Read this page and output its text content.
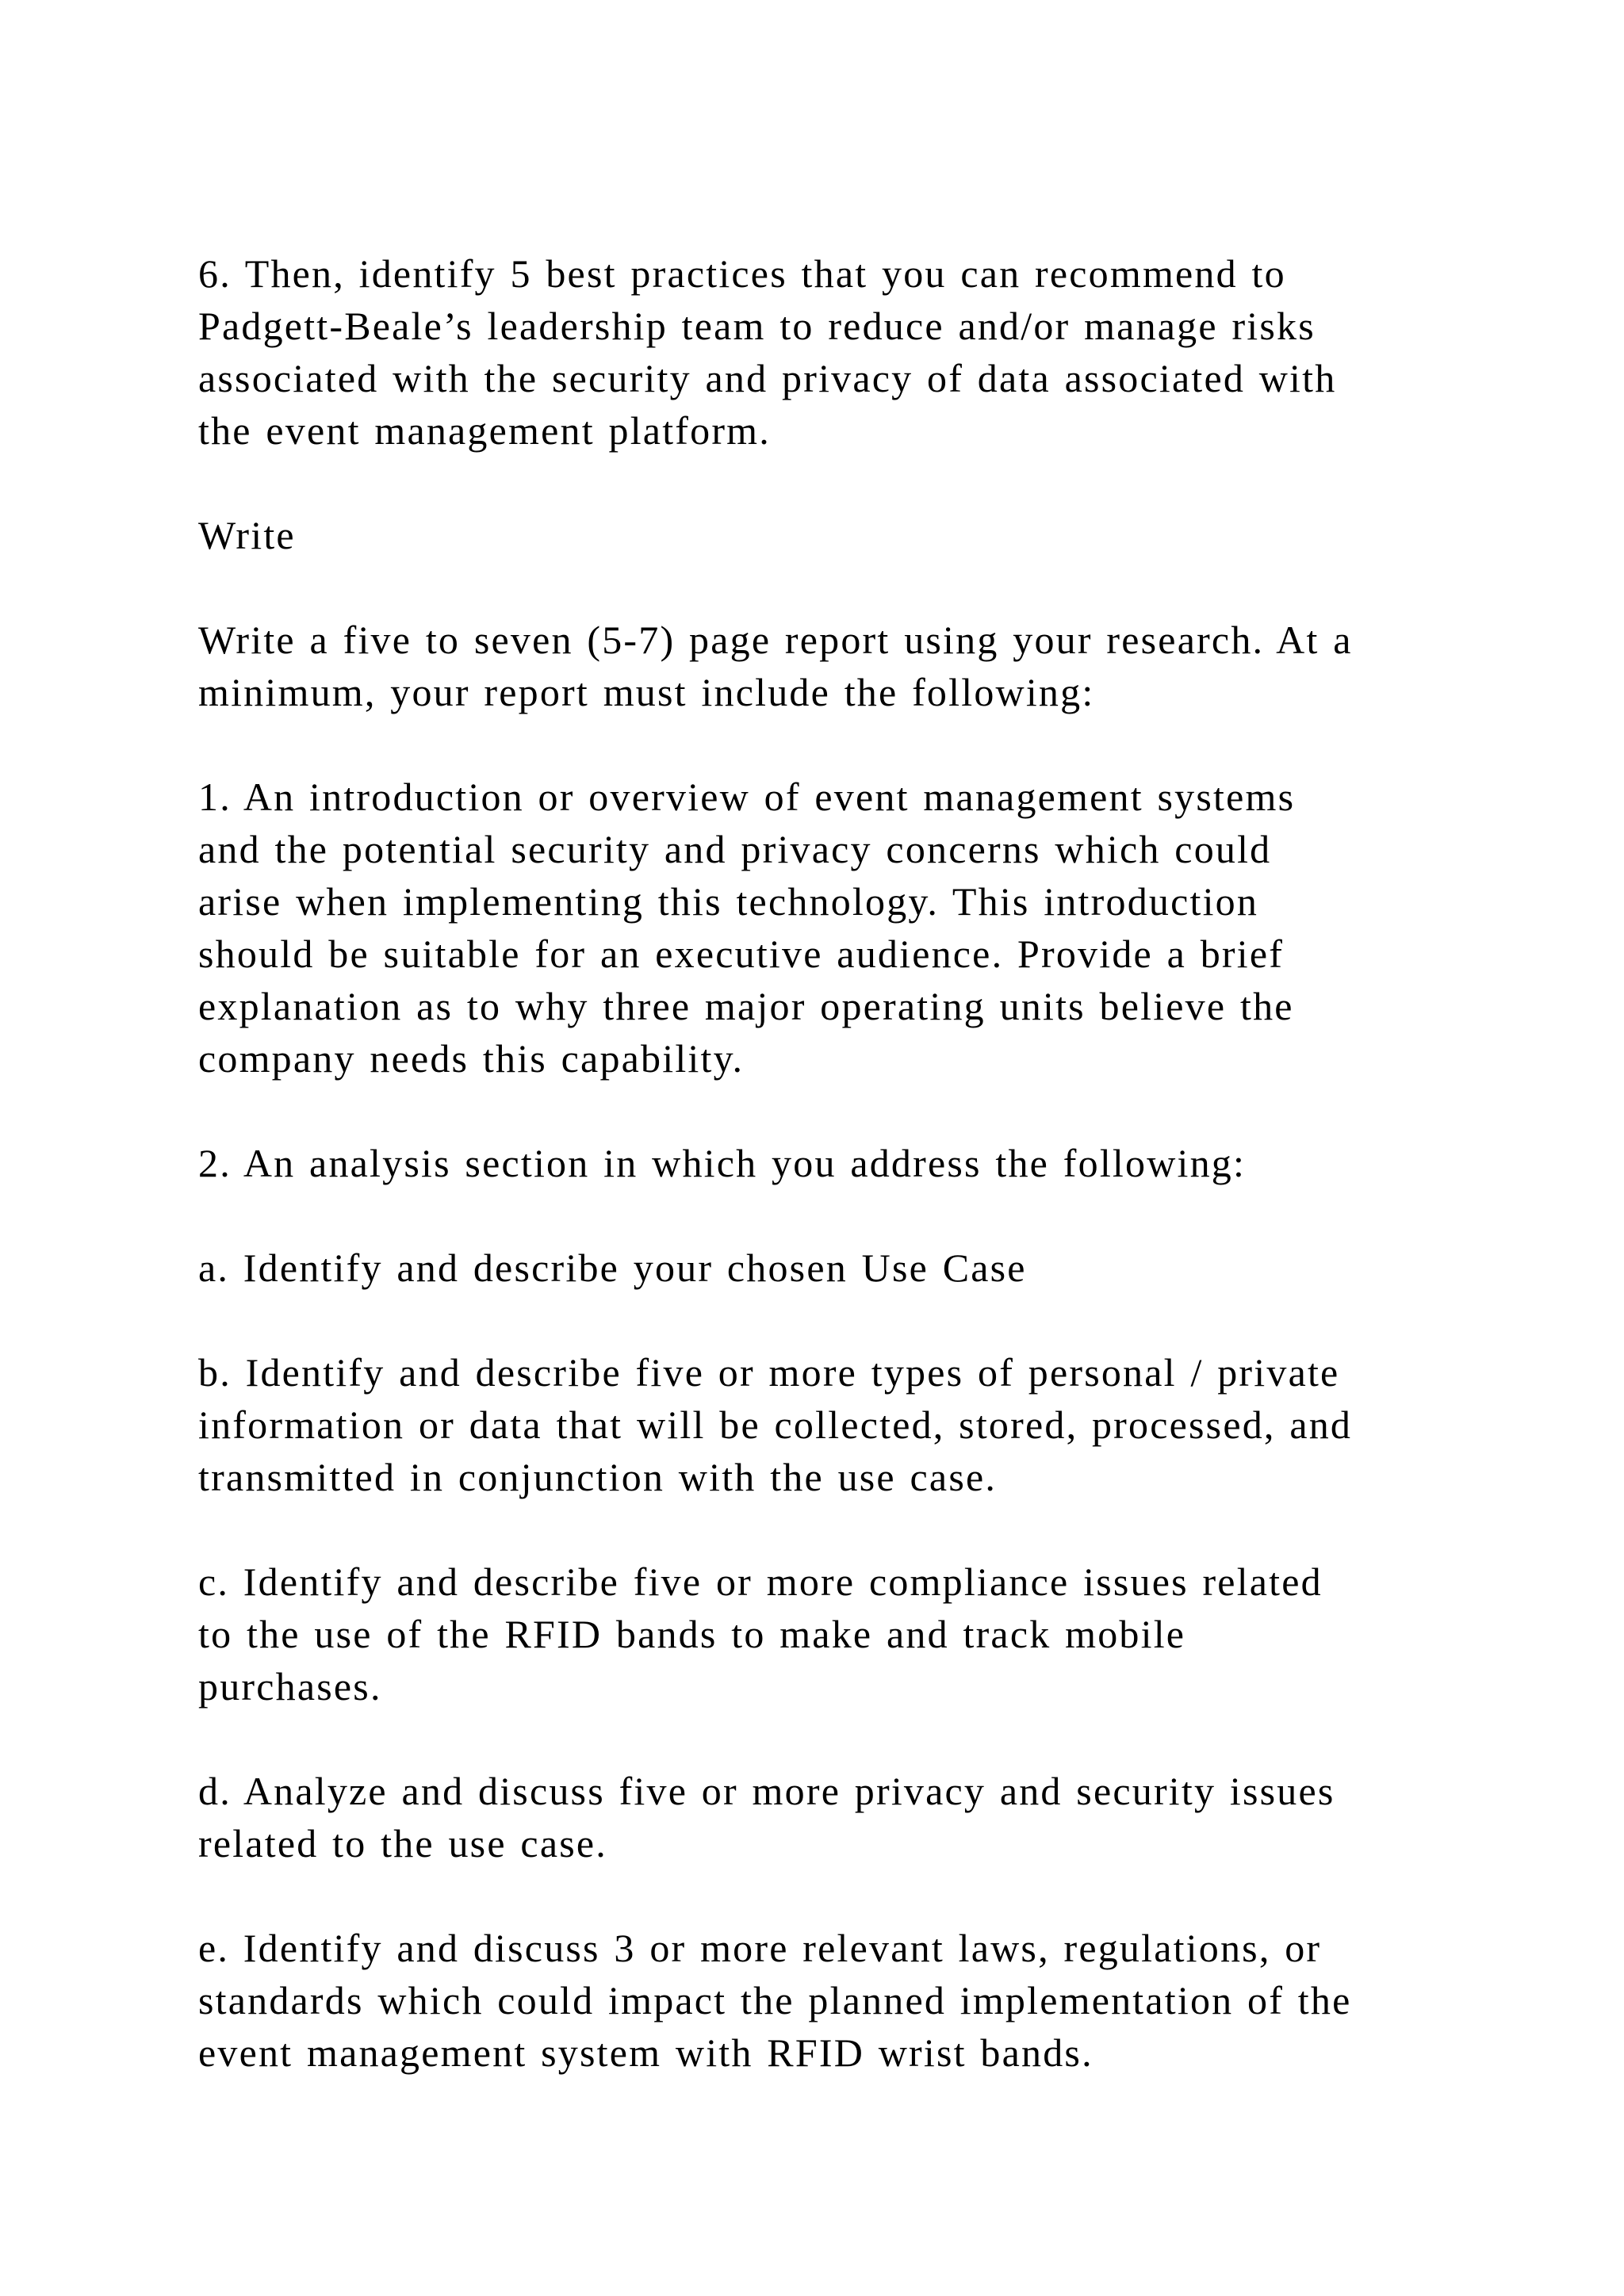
6. Then, identify 5 best practices that you can recommend to
Padgett-Beale’s leadership team to reduce and/or manage risks
associated with the security and privacy of data associated with
the event management platform.

Write

Write a five to seven (5-7) page report using your research. At a
minimum, your report must include the following:

1. An introduction or overview of event management systems
and the potential security and privacy concerns which could
arise when implementing this technology. This introduction
should be suitable for an executive audience. Provide a brief
explanation as to why three major operating units believe the
company needs this capability.

2. An analysis section in which you address the following:

a. Identify and describe your chosen Use Case

b. Identify and describe five or more types of personal / private
information or data that will be collected, stored, processed, and
transmitted in conjunction with the use case.

c. Identify and describe five or more compliance issues related
to the use of the RFID bands to make and track mobile
purchases.

d. Analyze and discuss five or more privacy and security issues
related to the use case.

e. Identify and discuss 3 or more relevant laws, regulations, or
standards which could impact the planned implementation of the
event management system with RFID wrist bands.
